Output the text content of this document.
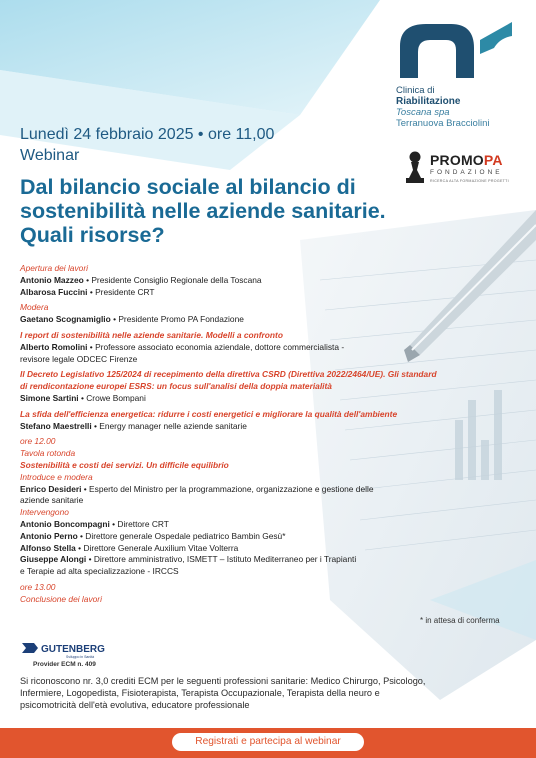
Clinica di
Riabilitazione
Toscana spa
Terranuova Bracciolini
PROMOPA
FONDAZIONE
RICERCA ALTA FORMAZIONE PROGETTI
Lunedì 24 febbraio 2025 • ore 11,00
Webinar
Dal bilancio sociale al bilancio di sostenibilità nelle aziende sanitarie. Quali risorse?
Apertura dei lavori
Antonio Mazzeo • Presidente Consiglio Regionale della Toscana
Albarosa Fuccini • Presidente CRT
Modera
Gaetano Scognamiglio • Presidente Promo PA Fondazione
I report di sostenibilità nelle aziende sanitarie. Modelli a confronto
Alberto Romolini • Professore associato economia aziendale, dottore commercialista -
revisore legale ODCEC Firenze
Il Decreto Legislativo 125/2024 di recepimento della direttiva CSRD (Direttiva 2022/2464/UE). Gli standard di rendicontazione europei ESRS: un focus sull'analisi della doppia materialità
Simone Sartini • Crowe Bompani
La sfida dell'efficienza energetica: ridurre i costi energetici e migliorare la qualità dell'ambiente
Stefano Maestrelli • Energy manager nelle aziende sanitarie
ore 12.00
Tavola rotonda
Sostenibilità e costi dei servizi. Un difficile equilibrio
Introduce e modera
Enrico Desideri • Esperto del Ministro per la programmazione, organizzazione e gestione delle
aziende sanitarie
Intervengono
Antonio Boncompagni • Direttore CRT
Antonio Perno • Direttore generale Ospedale pediatrico Bambin Gesù*
Alfonso Stella • Direttore Generale Auxilium Vitae Volterra
Giuseppe Alongi • Direttore amministrativo, ISMETT – Istituto Mediterraneo per i Trapianti
e Terapie ad alta specializzazione - IRCCS
ore 13.00
Conclusione dei lavori
* in attesa di conferma
GUTENBERG
Sviluppo in Sanità
Provider ECM n. 409
Si riconoscono nr. 3,0 crediti ECM per le seguenti professioni sanitarie: Medico Chirurgo, Psicologo, Infermiere, Logopedista, Fisioterapista, Terapista Occupazionale, Terapista della neuro e psicomotricità dell'età evolutiva, educatore professionale
Registrati e partecipa al webinar
